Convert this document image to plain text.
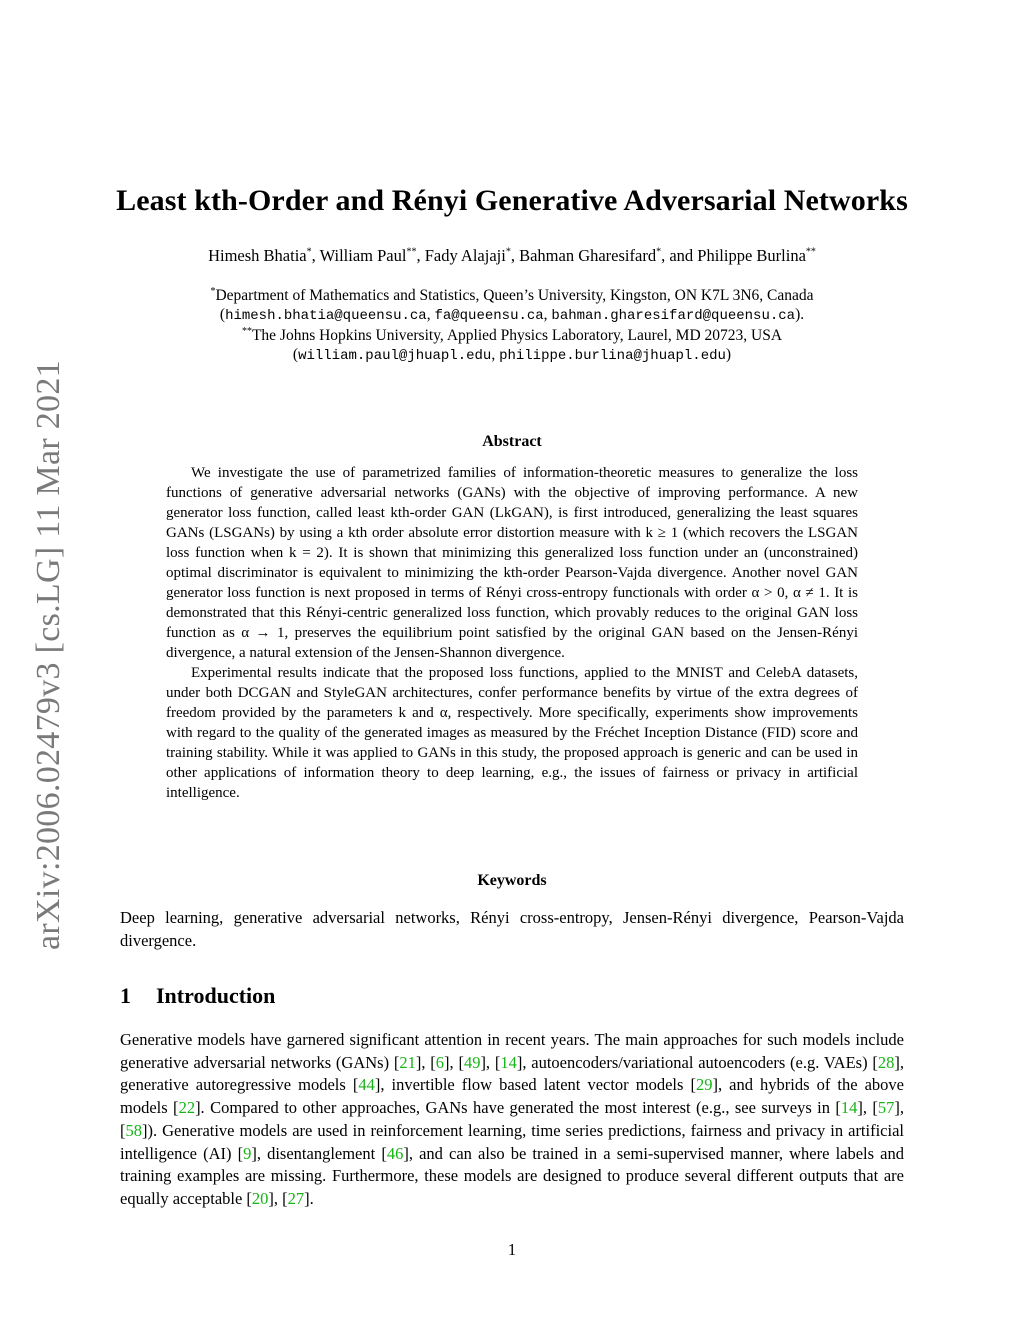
arXiv:2006.02479v3 [cs.LG] 11 Mar 2021
Least kth-Order and Rényi Generative Adversarial Networks
Himesh Bhatia*, William Paul**, Fady Alajaji*, Bahman Gharesifard*, and Philippe Burlina**
*Department of Mathematics and Statistics, Queen’s University, Kingston, ON K7L 3N6, Canada
(himesh.bhatia@queensu.ca, fa@queensu.ca, bahman.gharesifard@queensu.ca).
**The Johns Hopkins University, Applied Physics Laboratory, Laurel, MD 20723, USA
(william.paul@jhuapl.edu, philippe.burlina@jhuapl.edu)
Abstract

We investigate the use of parametrized families of information-theoretic measures to generalize the loss functions of generative adversarial networks (GANs) with the objective of improving performance. A new generator loss function, called least kth-order GAN (LkGAN), is first introduced, generalizing the least squares GANs (LSGANs) by using a kth order absolute error distortion measure with k ≥ 1 (which recovers the LSGAN loss function when k = 2). It is shown that minimizing this generalized loss function under an (unconstrained) optimal discriminator is equivalent to minimizing the kth-order Pearson-Vajda divergence. Another novel GAN generator loss function is next proposed in terms of Rényi cross-entropy functionals with order α > 0, α ≠ 1. It is demonstrated that this Rényi-centric generalized loss function, which provably reduces to the original GAN loss function as α → 1, preserves the equilibrium point satisfied by the original GAN based on the Jensen-Rényi divergence, a natural extension of the Jensen-Shannon divergence.

Experimental results indicate that the proposed loss functions, applied to the MNIST and CelebA datasets, under both DCGAN and StyleGAN architectures, confer performance benefits by virtue of the extra degrees of freedom provided by the parameters k and α, respectively. More specifically, experiments show improvements with regard to the quality of the generated images as measured by the Fréchet Inception Distance (FID) score and training stability. While it was applied to GANs in this study, the proposed approach is generic and can be used in other applications of information theory to deep learning, e.g., the issues of fairness or privacy in artificial intelligence.

Keywords
Deep learning, generative adversarial networks, Rényi cross-entropy, Jensen-Rényi divergence, Pearson-Vajda divergence.
1 Introduction

Generative models have garnered significant attention in recent years. The main approaches for such models include generative adversarial networks (GANs) [21], [6], [49], [14], autoencoders/variational autoencoders (e.g. VAEs) [28], generative autoregressive models [44], invertible flow based latent vector models [29], and hybrids of the above models [22]. Compared to other approaches, GANs have generated the most interest (e.g., see surveys in [14], [57], [58]). Generative models are used in reinforcement learning, time series predictions, fairness and privacy in artificial intelligence (AI) [9], disentanglement [46], and can also be trained in a semi-supervised manner, where labels and training examples are missing. Furthermore, these models are designed to produce several different outputs that are equally acceptable [20], [27].

1
